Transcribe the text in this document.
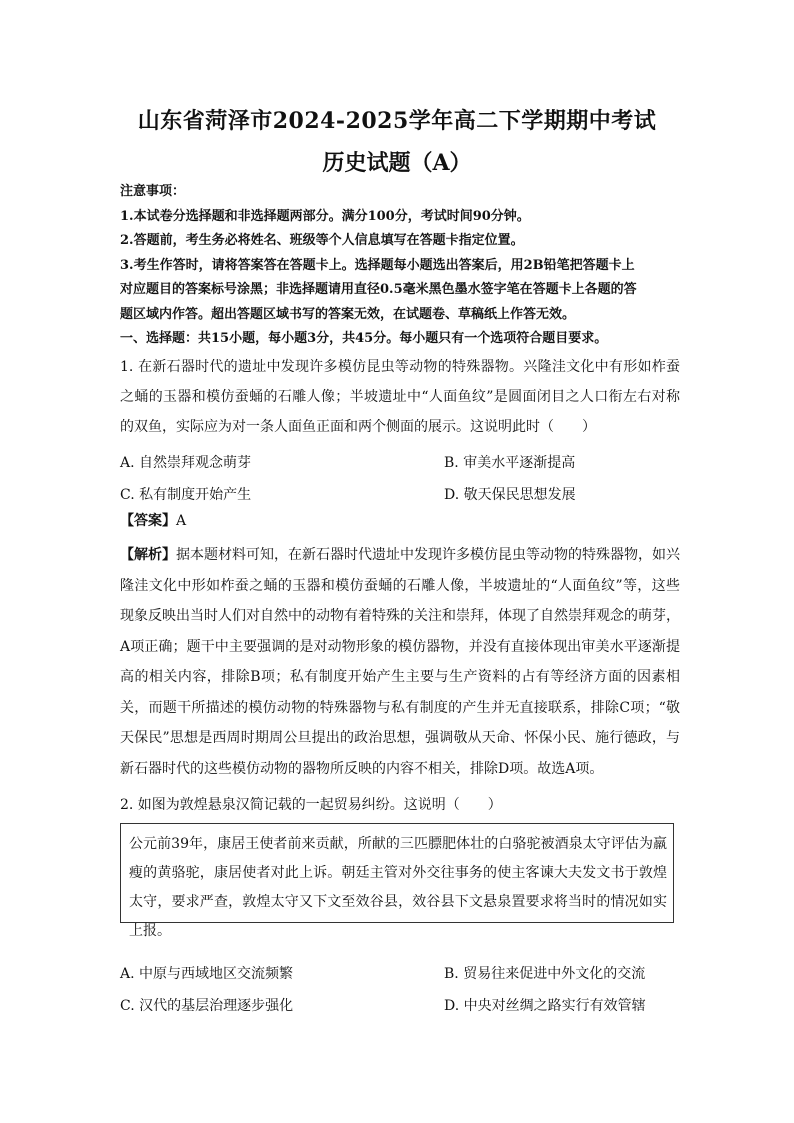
山东省菏泽市2024-2025学年高二下学期期中考试
历史试题（A）
注意事项：
1.本试卷分选择题和非选择题两部分。满分100分，考试时间90分钟。
2.答题前，考生务必将姓名、班级等个人信息填写在答题卡指定位置。
3.考生作答时，请将答案答在答题卡上。选择题每小题选出答案后，用2B铅笔把答题卡上
对应题目的答案标号涂黑；非选择题请用直径0.5毫米黑色墨水签字笔在答题卡上各题的答
题区域内作答。超出答题区域书写的答案无效，在试题卷、草稿纸上作答无效。
一、选择题：共15小题，每小题3分，共45分。每小题只有一个选项符合题目要求。
1. 在新石器时代的遗址中发现许多模仿昆虫等动物的特殊器物。兴隆洼文化中有形如柞蚕之蛹的玉器和模仿蚕蛹的石雕人像；半坡遗址中“人面鱼纹”是圆面闭目之人口衔左右对称的双鱼，实际应为对一条人面鱼正面和两个侧面的展示。这说明此时（　　）
A. 自然崇拜观念萌芽	B. 审美水平逐渐提高
C. 私有制度开始产生	D. 敬天保民思想发展
【答案】A
【解析】据本题材料可知，在新石器时代遗址中发现许多模仿昆虫等动物的特殊器物，如兴隆洼文化中形如柞蚕之蛹的玉器和模仿蚕蛹的石雕人像，半坡遗址的“人面鱼纹”等，这些现象反映出当时人们对自然中的动物有着特殊的关注和崇拜，体现了自然崇拜观念的萌芽，A项正确；题干中主要强调的是对动物形象的模仿器物，并没有直接体现出审美水平逐渐提高的相关内容，排除B项；私有制度开始产生主要与生产资料的占有等经济方面的因素相关，而题干所描述的模仿动物的特殊器物与私有制度的产生并无直接联系，排除C项；“敬天保民”思想是西周时期周公旦提出的政治思想，强调敬从天命、怀保小民、施行德政，与新石器时代的这些模仿动物的器物所反映的内容不相关，排除D项。故选A项。
2. 如图为敦煌悬泉汉简记载的一起贸易纠纷。这说明（　　）
公元前39年，康居王使者前来贡献，所献的三匹膘肥体壮的白骆驼被酒泉太守评估为羸瘦的黄骆驼，康居使者对此上诉。朝廷主管对外交往事务的使主客谏大夫发文书于敦煌太守，要求严查，敦煌太守又下文至效谷县，效谷县下文悬泉置要求将当时的情况如实上报。
A. 中原与西域地区交流频繁	B. 贸易往来促进中外文化的交流
C. 汉代的基层治理逐步强化	D. 中央对丝绸之路实行有效管辖
